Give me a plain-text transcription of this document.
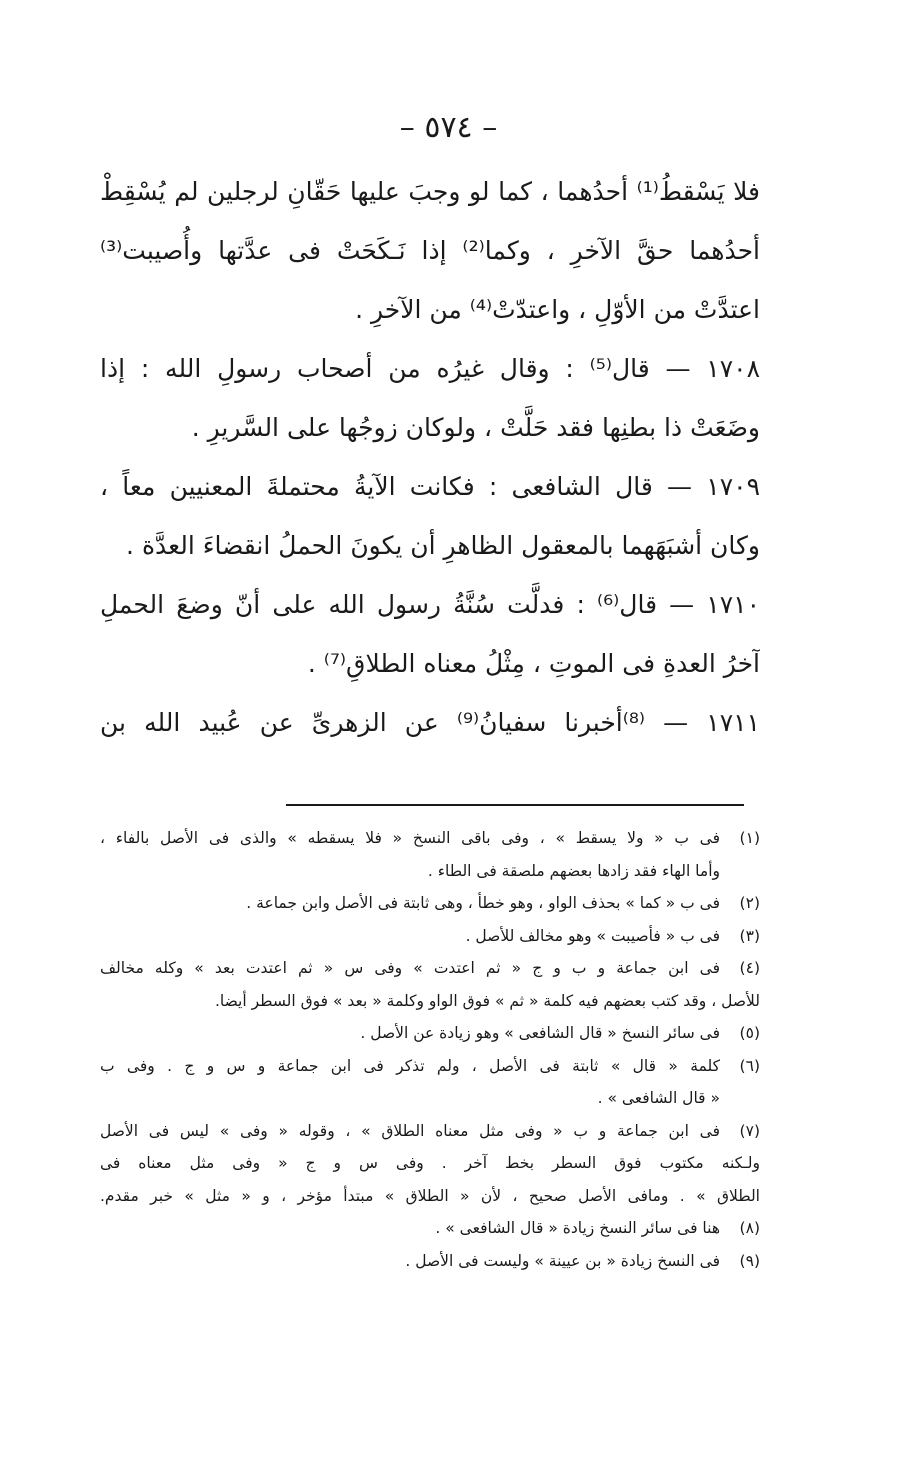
– ٥٧٤ –
فلا يَسْقطُ⁽¹⁾ أحدُهما ، كما لو وجبَ عليها حَقّانِ لرجلين لم يُسْقِطْ
أحدُهما حقَّ الآخرِ ، وكما⁽²⁾ إذا نَـكَحَتْ فى عدَّتها وأُصيبت⁽³⁾
اعتدَّتْ من الأوّلِ ، واعتدّتْ⁽⁴⁾ من الآخرِ .
١٧٠٨ — قال⁽⁵⁾ : وقال غيرُه من أصحاب رسولِ الله : إذا
وضَعَتْ ذا بطنِها فقد حَلَّتْ ، ولوكان زوجُها على السَّريرِ .
١٧٠٩ — قال الشافعى : فكانت الآيةُ محتملةَ المعنيين معاً ،
وكان أشبَهَهما بالمعقول الظاهرِ أن يكونَ الحملُ انقضاءَ العدَّة .
١٧١٠ — قال⁽⁶⁾ : فدلَّت سُنَّةُ رسول الله على أنّ وضعَ الحملِ
آخرُ العدةِ فى الموتِ ، مِثْلُ معناه الطلاقِ⁽⁷⁾ .
١٧١١ — ⁽⁸⁾أخبرنا سفيانُ⁽⁹⁾ عن الزهرىِّ عن عُبيد الله بن
(١)
فى ب « ولا يسقط » ، وفى باقى النسخ « فلا يسقطه » والذى فى الأصل بالفاء ،
وأما الهاء فقد زادها بعضهم ملصقة فى الطاء .
(٢)
فى ب « كما » بحذف الواو ، وهو خطأ ، وهى ثابتة فى الأصل وابن جماعة .
(٣)
فى ب « فأصيبت » وهو مخالف للأصل .
(٤)
فى ابن جماعة و ب و ج « ثم اعتدت » وفى س « ثم اعتدت بعد » وكله مخالف
للأصل ، وقد كتب بعضهم فيه كلمة « ثم » فوق الواو وكلمة « بعد » فوق السطر أيضا.
(٥)
فى سائر النسخ « قال الشافعى » وهو زيادة عن الأصل .
(٦)
كلمة « قال » ثابتة فى الأصل ، ولم تذكر فى ابن جماعة و س و ج . وفى ب
« قال الشافعى » .
(٧)
فى ابن جماعة و ب « وفى مثل معناه الطلاق » ، وقوله « وفى » ليس فى الأصل
ولـكنه مكتوب فوق السطر بخط آخر . وفى س و ج « وفى مثل معناه فى
الطلاق » . ومافى الأصل صحيح ، لأن « الطلاق » مبتدأ مؤخر ، و « مثل » خبر مقدم.
(٨)
هنا فى سائر النسخ زيادة « قال الشافعى » .
(٩)
فى النسخ زيادة « بن عيينة » وليست فى الأصل .
